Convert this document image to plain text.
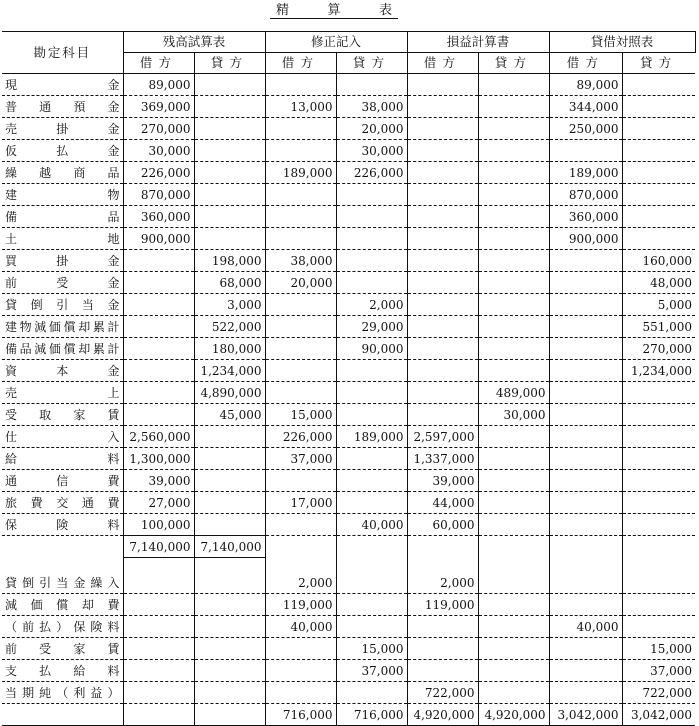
精	算	表
勘定科目	残高試算表		修正記入		損益計算書		貸借対照表	
	借方	貸方	借方	貸方	借方	貸方	借方	貸方

現金	89,000						89,000	

普通預金	369,000		13,000	38,000			344,000	

売掛金	270,000			20,000			250,000	

仮払金	30,000			30,000				

繰越商品	226,000		189,000	226,000			189,000	

建物	870,000						870,000	

備品	360,000						360,000	

土地	900,000						900,000	

買掛金		198,000	38,000					160,000

前受金		68,000	20,000					48,000

貸倒引当金		3,000		2,000				5,000

建物減価償却累計		522,000		29,000				551,000

備品減価償却累計		180,000		90,000				270,000

資本金		1,234,000						1,234,000

売上		4,890,000				489,000		

受取家賃		45,000	15,000			30,000		

仕入	2,560,000		226,000	189,000	2,597,000			

給料	1,300,000		37,000		1,337,000			

通信費	39,000				39,000			

旅費交通費	27,000		17,000		44,000			

保険料	100,000			40,000	60,000			
	7,140,000	7,140,000						

貸倒引当金繰入			2,000		2,000			

減価償却費			119,000		119,000			

（前払）保険料			40,000				40,000	

前受家賃				15,000				15,000

支払給料				37,000				37,000

当期純（利益）					722,000			722,000
			716,000	716,000	4,920,000	4,920,000	3,042,000	3,042,000
